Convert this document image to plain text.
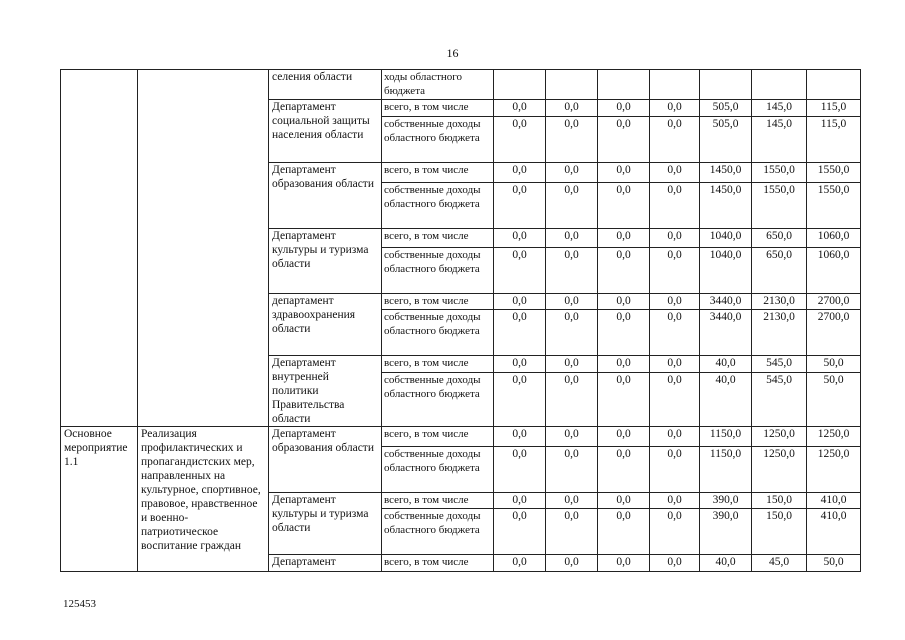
16
		селения области	ходы областного бюджета							
		Департамент социальной защиты населения области	всего, в том числе	0,0	0,0	0,0	0,0	505,0	145,0	115,0
			собственные доходы областного бюджета	0,0	0,0	0,0	0,0	505,0	145,0	115,0
		Департамент образования области	всего, в том числе	0,0	0,0	0,0	0,0	1450,0	1550,0	1550,0
			собственные доходы областного бюджета	0,0	0,0	0,0	0,0	1450,0	1550,0	1550,0
		Департамент культуры и туризма области	всего, в том числе	0,0	0,0	0,0	0,0	1040,0	650,0	1060,0
			собственные доходы областного бюджета	0,0	0,0	0,0	0,0	1040,0	650,0	1060,0
		департамент здравоохранения области	всего, в том числе	0,0	0,0	0,0	0,0	3440,0	2130,0	2700,0
			собственные доходы областного бюджета	0,0	0,0	0,0	0,0	3440,0	2130,0	2700,0
		Департамент внутренней политики Правительства области	всего, в том числе	0,0	0,0	0,0	0,0	40,0	545,0	50,0
			собственные доходы областного бюджета	0,0	0,0	0,0	0,0	40,0	545,0	50,0
Основное мероприятие 1.1	Реализация профилактических и пропагандистских мер, направленных на культурное, спортивное, правовое, нравственное и военно-патриотическое воспитание граждан	Департамент образования области	всего, в том числе	0,0	0,0	0,0	0,0	1150,0	1250,0	1250,0
			собственные доходы областного бюджета	0,0	0,0	0,0	0,0	1150,0	1250,0	1250,0
		Департамент культуры и туризма области	всего, в том числе	0,0	0,0	0,0	0,0	390,0	150,0	410,0
			собственные доходы областного бюджета	0,0	0,0	0,0	0,0	390,0	150,0	410,0
		Департамент	всего, в том числе	0,0	0,0	0,0	0,0	40,0	45,0	50,0
125453
